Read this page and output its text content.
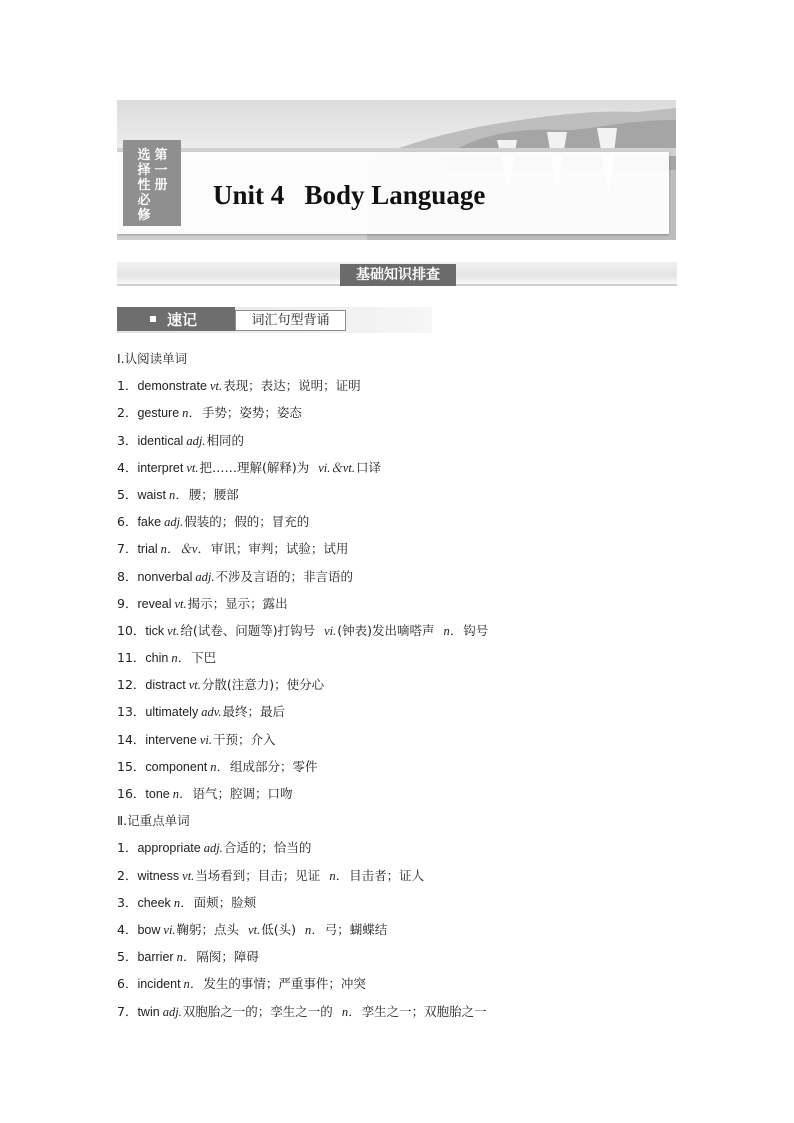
选
择
性
必
修
第
一
册 Unit 4   Body Language
基础知识排查
速记	词汇句型背诵
Ⅰ.认阅读单词
1．demonstrate vt.表现；表达；说明；证明
2．gesture n．手势；姿势；姿态
3．identical adj.相同的
4．interpret vt.把……理解(解释)为 vi.＆vt.口译
5．waist n．腰；腰部
6．fake adj.假装的；假的；冒充的
7．trial n．＆v．审讯；审判；试验；试用
8．nonverbal adj.不涉及言语的；非言语的
9．reveal vt.揭示；显示；露出
10．tick vt.给(试卷、问题等)打钩号 vi.(钟表)发出嘀嗒声 n．钩号
11．chin n．下巴
12．distract vt.分散(注意力)；使分心
13．ultimately adv.最终；最后
14．intervene vi.干预；介入
15．component n．组成部分；零件
16．tone n．语气；腔调；口吻
Ⅱ.记重点单词
1．appropriate adj.合适的；恰当的
2．witness vt.当场看到；目击；见证 n．目击者；证人
3．cheek n．面颊；脸颊
4．bow vi.鞠躬；点头 vt.低(头) n．弓；蝴蝶结
5．barrier n．隔阂；障碍
6．incident n．发生的事情；严重事件；冲突
7．twin adj.双胞胎之一的；孪生之一的 n．孪生之一；双胞胎之一
